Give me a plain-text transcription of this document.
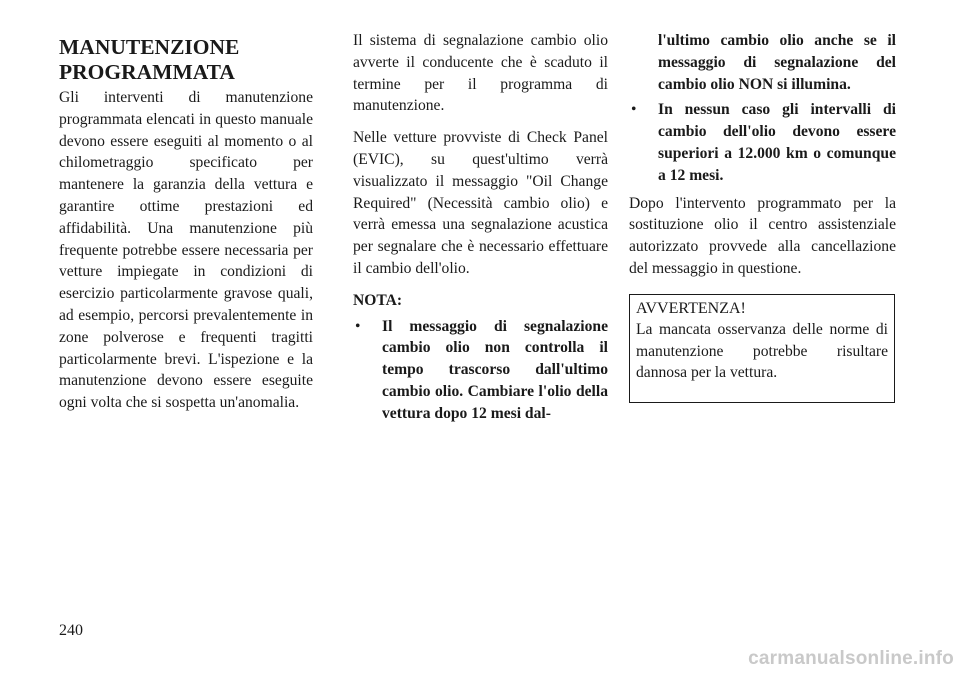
MANUTENZIONE PROGRAMMATA

Gli interventi di manutenzione programmata elencati in questo manuale devono essere eseguiti al momento o al chilometraggio specificato per mantenere la garanzia della vettura e garantire ottime prestazioni ed affidabilità. Una manutenzione più frequente potrebbe essere necessaria per vetture impiegate in condizioni di esercizio particolarmente gravose quali, ad esempio, percorsi prevalentemente in zone polverose e frequenti tragitti particolarmente brevi. L'ispezione e la manutenzione devono essere eseguite ogni volta che si sospetta un'anomalia.

Il sistema di segnalazione cambio olio avverte il conducente che è scaduto il termine per il programma di manutenzione.

Nelle vetture provviste di Check Panel (EVIC), su quest'ultimo verrà visualizzato il messaggio "Oil Change Required" (Necessità cambio olio) e verrà emessa una segnalazione acustica per segnalare che è necessario effettuare il cambio dell'olio.

NOTA:
• Il messaggio di segnalazione cambio olio non controlla il tempo trascorso dall'ultimo cambio olio. Cambiare l'olio della vettura dopo 12 mesi dal-
l'ultimo cambio olio anche se il messaggio di segnalazione del cambio olio NON si illumina.
• In nessun caso gli intervalli di cambio dell'olio devono essere superiori a 12.000 km o comunque a 12 mesi.

Dopo l'intervento programmato per la sostituzione olio il centro assistenziale autorizzato provvede alla cancellazione del messaggio in questione.

AVVERTENZA!

La mancata osservanza delle norme di manutenzione potrebbe risultare dannosa per la vettura.

240
carmanualsonline.info
